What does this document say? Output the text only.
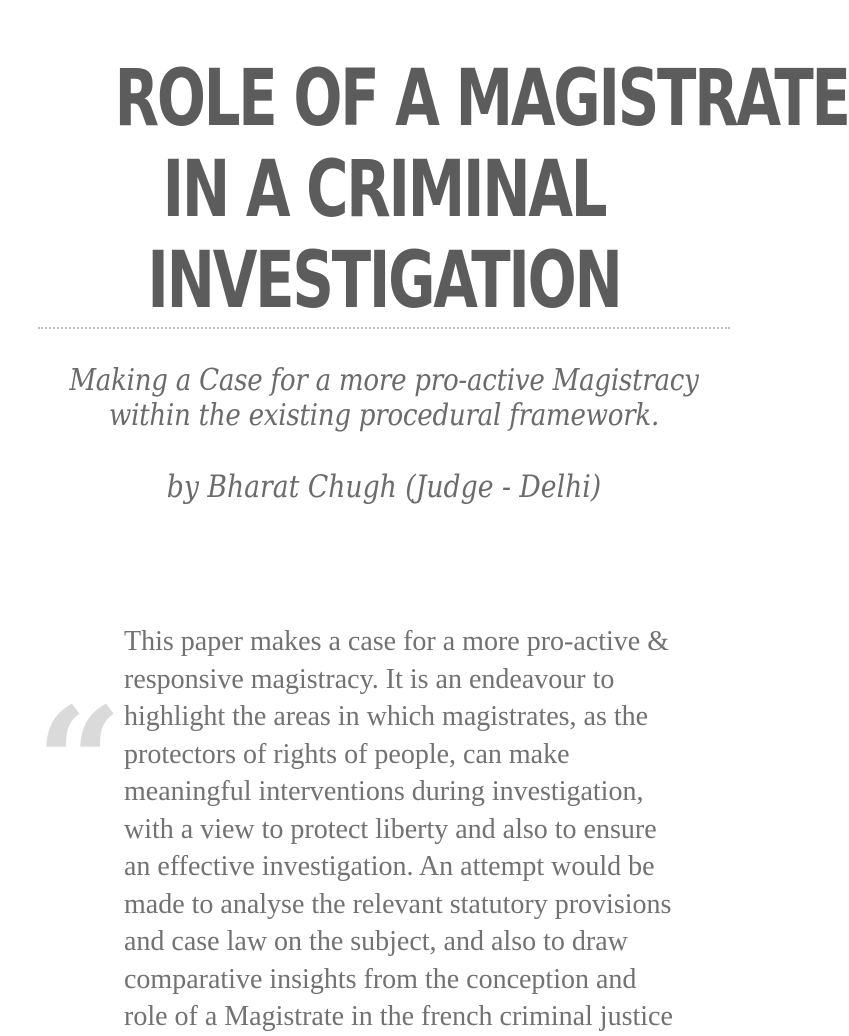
ROLE OF A MAGISTRATE
IN A CRIMINAL
INVESTIGATION

Making a Case for a more pro-active Magistracy
within the existing procedural framework.

by Bharat Chugh (Judge - Delhi)

“

This paper makes a case for a more pro-active &
responsive magistracy. It is an endeavour to
highlight the areas in which magistrates, as the
protectors of rights of people, can make
meaningful interventions during investigation,
with a view to protect liberty and also to ensure
an effective investigation. An attempt would be
made to analyse the relevant statutory provisions
and case law on the subject, and also to draw
comparative insights from the conception and
role of a Magistrate in the french criminal justice
